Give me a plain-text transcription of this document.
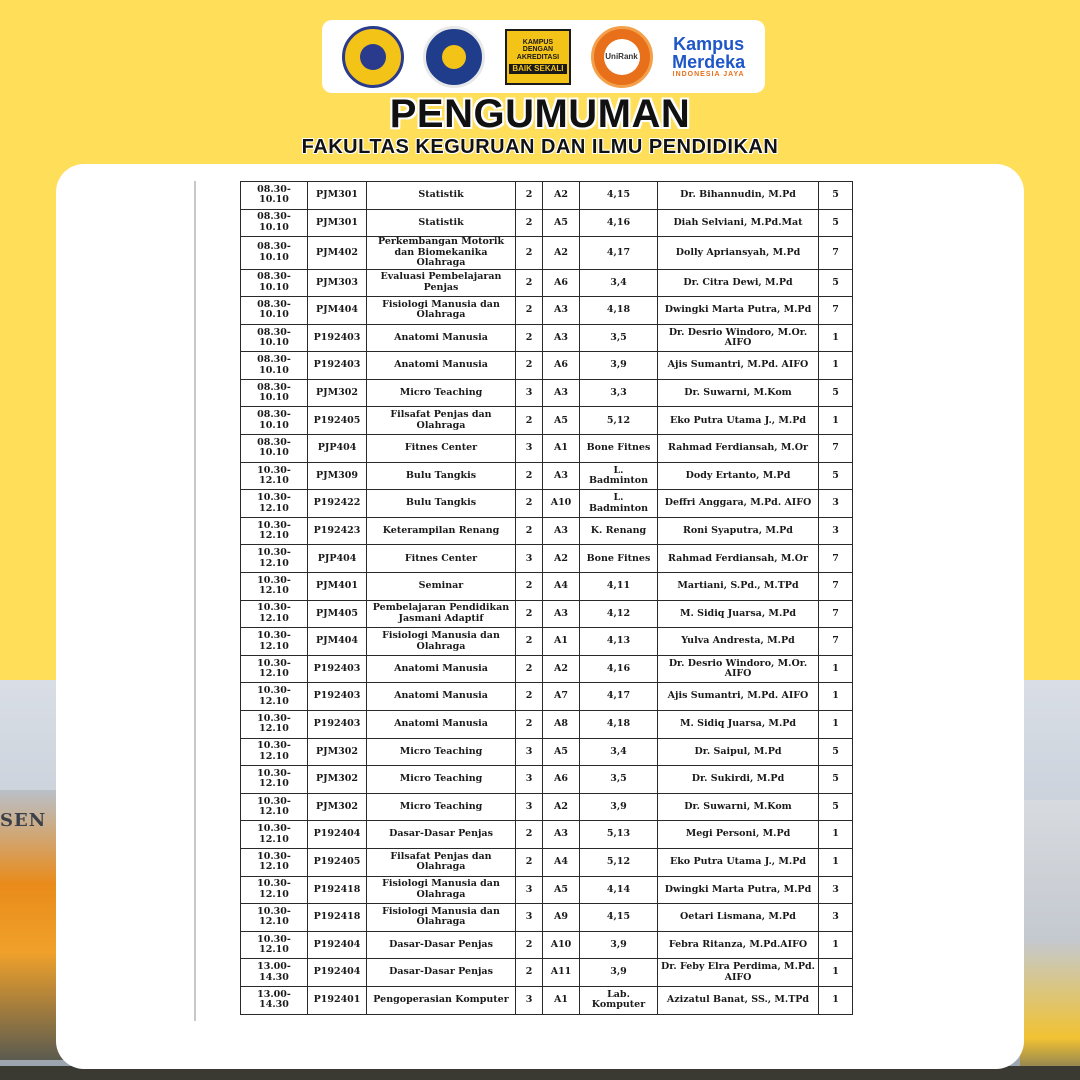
SEN
KAMPUS
DENGAN
AKREDITASI
BAIK SEKALI
UniRank
Kampus
Merdeka
INDONESIA JAYA
PENGUMUMAN
FAKULTAS KEGURUAN DAN ILMU PENDIDIKAN
08.30-10.10	PJM301	Statistik	2	A2	4,15	Dr. Bihannudin, M.Pd	5
08.30-10.10	PJM301	Statistik	2	A5	4,16	Diah Selviani, M.Pd.Mat	5
08.30-10.10	PJM402	Perkembangan Motorik dan Biomekanika Olahraga	2	A2	4,17	Dolly Apriansyah, M.Pd	7
08.30-10.10	PJM303	Evaluasi Pembelajaran Penjas	2	A6	3,4	Dr. Citra Dewi, M.Pd	5
08.30-10.10	PJM404	Fisiologi Manusia dan Olahraga	2	A3	4,18	Dwingki Marta Putra, M.Pd	7
08.30-10.10	P192403	Anatomi Manusia	2	A3	3,5	Dr. Desrio Windoro, M.Or. AIFO	1
08.30-10.10	P192403	Anatomi Manusia	2	A6	3,9	Ajis Sumantri, M.Pd. AIFO	1
08.30-10.10	PJM302	Micro Teaching	3	A3	3,3	Dr. Suwarni, M.Kom	5
08.30-10.10	P192405	Filsafat Penjas dan Olahraga	2	A5	5,12	Eko Putra Utama J., M.Pd	1
08.30-10.10	PJP404	Fitnes Center	3	A1	Bone Fitnes	Rahmad Ferdiansah, M.Or	7
10.30-12.10	PJM309	Bulu Tangkis	2	A3	L. Badminton	Dody Ertanto, M.Pd	5
10.30-12.10	P192422	Bulu Tangkis	2	A10	L. Badminton	Deffri Anggara, M.Pd. AIFO	3
10.30-12.10	P192423	Keterampilan Renang	2	A3	K. Renang	Roni Syaputra, M.Pd	3
10.30-12.10	PJP404	Fitnes Center	3	A2	Bone Fitnes	Rahmad Ferdiansah, M.Or	7
10.30-12.10	PJM401	Seminar	2	A4	4,11	Martiani, S.Pd., M.TPd	7
10.30-12.10	PJM405	Pembelajaran Pendidikan Jasmani Adaptif	2	A3	4,12	M. Sidiq Juarsa, M.Pd	7
10.30-12.10	PJM404	Fisiologi Manusia dan Olahraga	2	A1	4,13	Yulva Andresta, M.Pd	7
10.30-12.10	P192403	Anatomi Manusia	2	A2	4,16	Dr. Desrio Windoro, M.Or. AIFO	1
10.30-12.10	P192403	Anatomi Manusia	2	A7	4,17	Ajis Sumantri, M.Pd. AIFO	1
10.30-12.10	P192403	Anatomi Manusia	2	A8	4,18	M. Sidiq Juarsa, M.Pd	1
10.30-12.10	PJM302	Micro Teaching	3	A5	3,4	Dr. Saipul, M.Pd	5
10.30-12.10	PJM302	Micro Teaching	3	A6	3,5	Dr. Sukirdi, M.Pd	5
10.30-12.10	PJM302	Micro Teaching	3	A2	3,9	Dr. Suwarni, M.Kom	5
10.30-12.10	P192404	Dasar-Dasar Penjas	2	A3	5,13	Megi Personi, M.Pd	1
10.30-12.10	P192405	Filsafat Penjas dan Olahraga	2	A4	5,12	Eko Putra Utama J., M.Pd	1
10.30-12.10	P192418	Fisiologi Manusia dan Olahraga	3	A5	4,14	Dwingki Marta Putra, M.Pd	3
10.30-12.10	P192418	Fisiologi Manusia dan Olahraga	3	A9	4,15	Oetari Lismana, M.Pd	3
10.30-12.10	P192404	Dasar-Dasar Penjas	2	A10	3,9	Febra Ritanza, M.Pd.AIFO	1
13.00-14.30	P192404	Dasar-Dasar Penjas	2	A11	3,9	Dr. Feby Elra Perdima, M.Pd. AIFO	1
13.00-14.30	P192401	Pengoperasian Komputer	3	A1	Lab. Komputer	Azizatul Banat, SS., M.TPd	1
